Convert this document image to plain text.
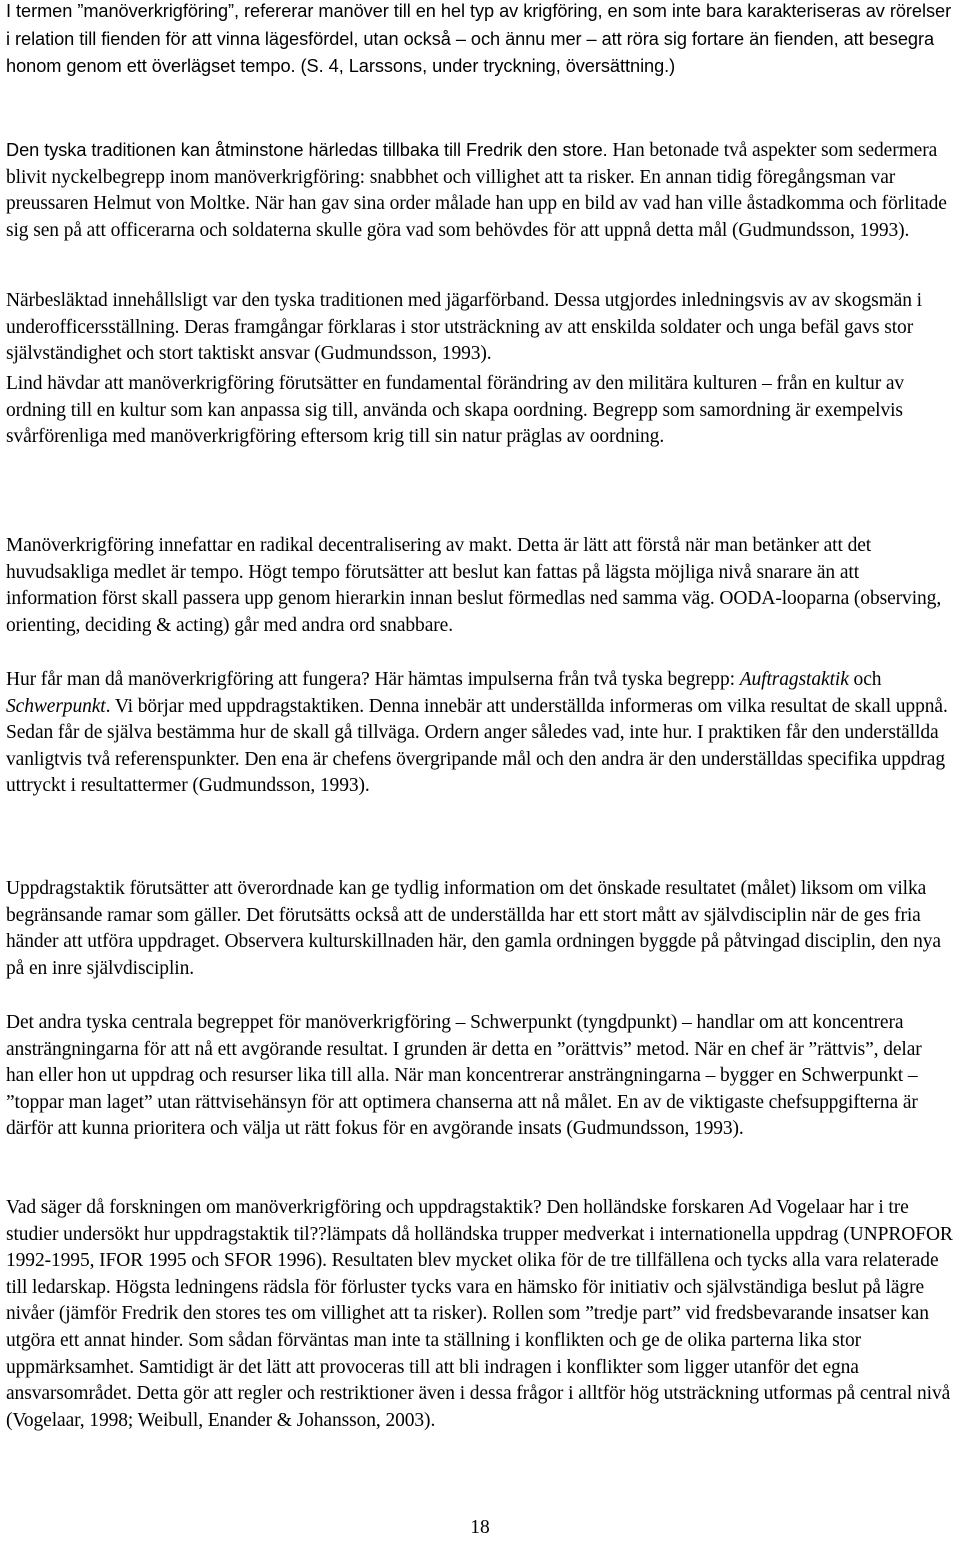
I termen ”manöverkrigföring”, refererar manöver till en hel typ av krigföring, en som inte bara karakteriseras av rörelser i relation till fienden för att vinna lägesfördel, utan också – och ännu mer – att röra sig fortare än fienden, att besegra honom genom ett överlägset tempo. (S. 4, Larssons, under tryckning, översättning.)

Den tyska traditionen kan åtminstone härledas tillbaka till Fredrik den store. Han betonade två aspekter som sedermera blivit nyckelbegrepp inom manöverkrigföring: snabbhet och villighet att ta risker. En annan tidig föregångsman var preussaren Helmut von Moltke. När han gav sina order målade han upp en bild av vad han ville åstadkomma och förlitade sig sen på att officerarna och soldaterna skulle göra vad som behövdes för att uppnå detta mål (Gudmundsson, 1993).

Närbesläktad innehållsligt var den tyska traditionen med jägarförband. Dessa utgjordes inledningsvis av av skogsmän i underofficersställning. Deras framgångar förklaras i stor utsträckning av att enskilda soldater och unga befäl gavs stor självständighet och stort taktiskt ansvar (Gudmundsson, 1993).

Lind hävdar att manöverkrigföring förutsätter en fundamental förändring av den militära kulturen – från en kultur av ordning till en kultur som kan anpassa sig till, använda och skapa oordning. Begrepp som samordning är exempelvis svårförenliga med manöverkrigföring eftersom krig till sin natur präglas av oordning.

Manöverkrigföring innefattar en radikal decentralisering av makt. Detta är lätt att förstå när man betänker att det huvudsakliga medlet är tempo. Högt tempo förutsätter att beslut kan fattas på lägsta möjliga nivå snarare än att information först skall passera upp genom hierarkin innan beslut förmedlas ned samma väg. OODA-looparna (observing, orienting, deciding & acting) går med andra ord snabbare.

Hur får man då manöverkrigföring att fungera? Här hämtas impulserna från två tyska begrepp: Auftragstaktik och Schwerpunkt. Vi börjar med uppdragstaktiken. Denna innebär att underställda informeras om vilka resultat de skall uppnå. Sedan får de själva bestämma hur de skall gå tillväga. Ordern anger således vad, inte hur. I praktiken får den underställda vanligtvis två referenspunkter. Den ena är chefens övergripande mål och den andra är den underställdas specifika uppdrag uttryckt i resultattermer (Gudmundsson, 1993).

Uppdragstaktik förutsätter att överordnade kan ge tydlig information om det önskade resultatet (målet) liksom om vilka begränsande ramar som gäller. Det förutsätts också att de underställda har ett stort mått av självdisciplin när de ges fria händer att utföra uppdraget. Observera kulturskillnaden här, den gamla ordningen byggde på påtvingad disciplin, den nya på en inre självdisciplin.

Det andra tyska centrala begreppet för manöverkrigföring – Schwerpunkt (tyngdpunkt) – handlar om att koncentrera ansträngningarna för att nå ett avgörande resultat. I grunden är detta en ”orättvis” metod. När en chef är ”rättvis”, delar han eller hon ut uppdrag och resurser lika till alla. När man koncentrerar ansträngningarna – bygger en Schwerpunkt – ”toppar man laget” utan rättvisehänsyn för att optimera chanserna att nå målet. En av de viktigaste chefsuppgifterna är därför att kunna prioritera och välja ut rätt fokus för en avgörande insats (Gudmundsson, 1993).

Vad säger då forskningen om manöverkrigföring och uppdragstaktik? Den holländske forskaren Ad Vogelaar har i tre studier undersökt hur uppdragstaktik til??lämpats då holländska trupper medverkat i internationella uppdrag (UNPROFOR 1992-1995, IFOR 1995 och SFOR 1996). Resultaten blev mycket olika för de tre tillfällena och tycks alla vara relaterade till ledarskap. Högsta ledningens rädsla för förluster tycks vara en hämsko för initiativ och självständiga beslut på lägre nivåer (jämför Fredrik den stores tes om villighet att ta risker). Rollen som ”tredje part” vid fredsbevarande insatser kan utgöra ett annat hinder. Som sådan förväntas man inte ta ställning i konflikten och ge de olika parterna lika stor uppmärksamhet. Samtidigt är det lätt att provoceras till att bli indragen i konflikter som ligger utanför det egna ansvarsområdet. Detta gör att regler och restriktioner även i dessa frågor i alltför hög utsträckning utformas på central nivå (Vogelaar, 1998; Weibull, Enander & Johansson, 2003).

18
